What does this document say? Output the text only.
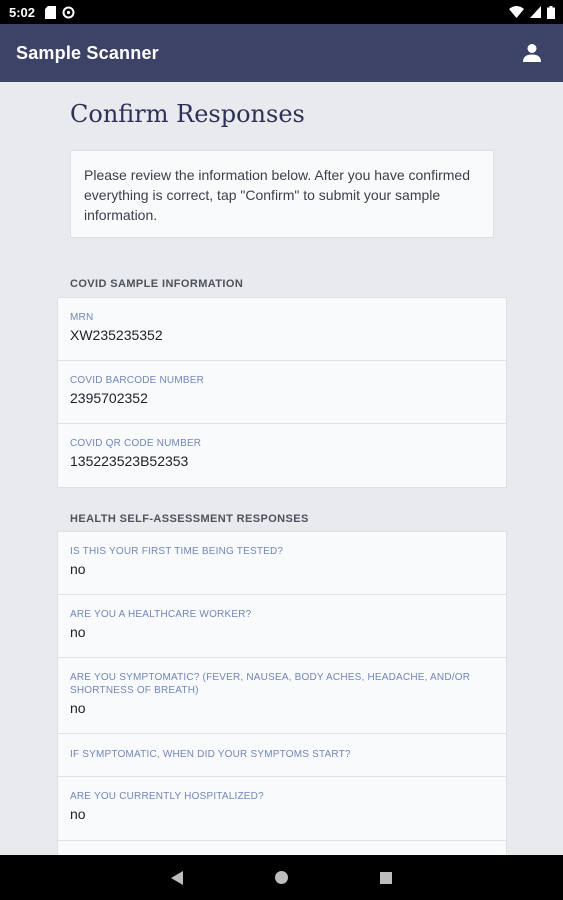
5:02
Sample Scanner
Confirm Responses
Please review the information below. After you have confirmed everything is correct, tap "Confirm" to submit your sample information.
COVID SAMPLE INFORMATION
MRN
XW235235352
COVID BARCODE NUMBER
2395702352
COVID QR CODE NUMBER
135223523B52353
HEALTH SELF-ASSESSMENT RESPONSES
IS THIS YOUR FIRST TIME BEING TESTED?
no
ARE YOU A HEALTHCARE WORKER?
no
ARE YOU SYMPTOMATIC? (FEVER, NAUSEA, BODY ACHES, HEADACHE, AND/OR SHORTNESS OF BREATH)
no
IF SYMPTOMATIC, WHEN DID YOUR SYMPTOMS START?
ARE YOU CURRENTLY HOSPITALIZED?
no
